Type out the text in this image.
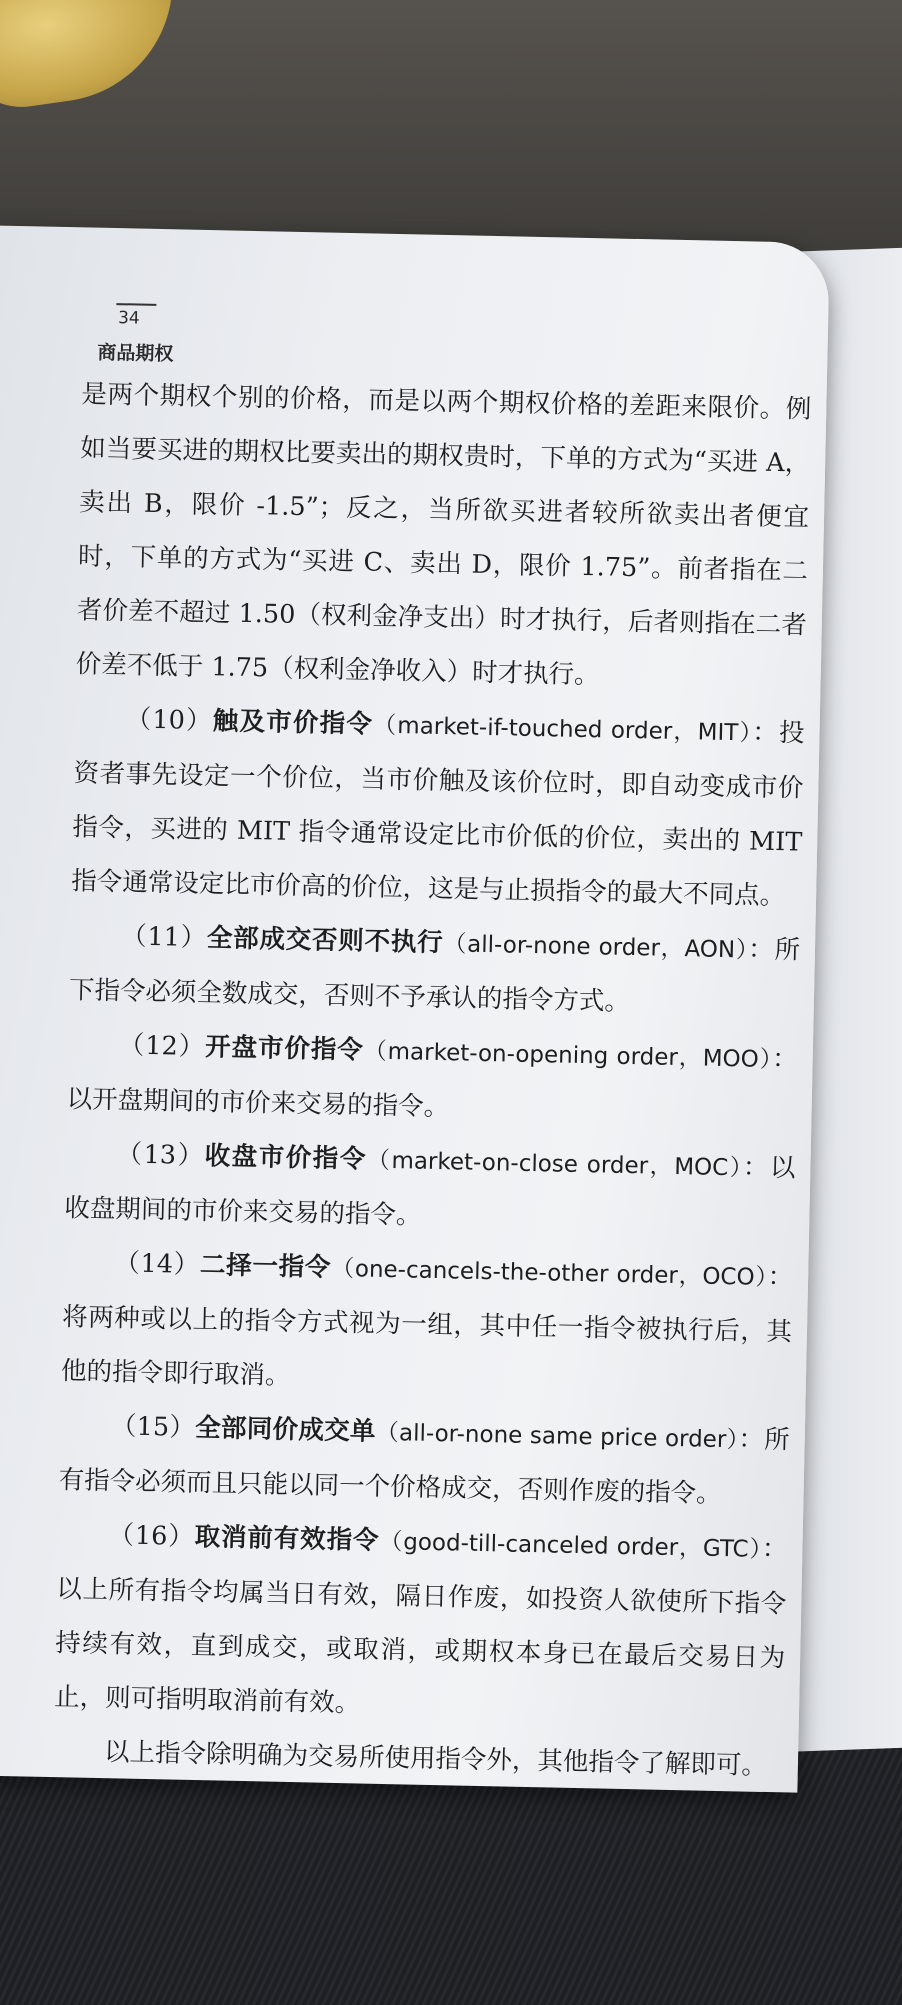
34
商品期权

是两个期权个别的价格，而是以两个期权价格的差距来限价。例如当要买进的期权比要卖出的期权贵时，下单的方式为“买进 A，卖出 B，限价 -1.5”；反之，当所欲买进者较所欲卖出者便宜时，下单的方式为“买进 C、卖出 D，限价 1.75”。前者指在二者价差不超过 1.50（权利金净支出）时才执行，后者则指在二者价差不低于 1.75（权利金净收入）时才执行。

（10）触及市价指令（market-if-touched order，MIT）：投资者事先设定一个价位，当市价触及该价位时，即自动变成市价指令，买进的 MIT 指令通常设定比市价低的价位，卖出的 MIT 指令通常设定比市价高的价位，这是与止损指令的最大不同点。

（11）全部成交否则不执行（all-or-none order，AON）：所下指令必须全数成交，否则不予承认的指令方式。

（12）开盘市价指令（market-on-opening order，MOO）：以开盘期间的市价来交易的指令。

（13）收盘市价指令（market-on-close order，MOC）：以收盘期间的市价来交易的指令。

（14）二择一指令（one-cancels-the-other order，OCO）：将两种或以上的指令方式视为一组，其中任一指令被执行后，其他的指令即行取消。

（15）全部同价成交单（all-or-none same price order）：所有指令必须而且只能以同一个价格成交，否则作废的指令。

（16）取消前有效指令（good-till-canceled order，GTC）：以上所有指令均属当日有效，隔日作废，如投资人欲使所下指令持续有效，直到成交，或取消，或期权本身已在最后交易日为止，则可指明取消前有效。

以上指令除明确为交易所使用指令外，其他指令了解即可。
